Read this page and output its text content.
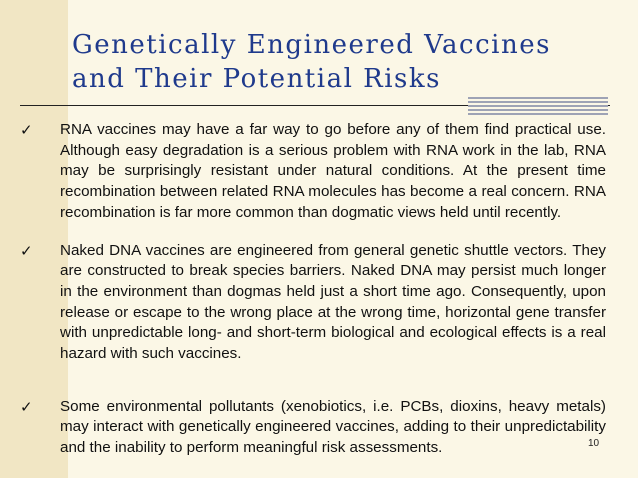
Genetically Engineered Vaccines
and Their Potential Risks
✓ RNA vaccines may have a far way to go before any of them find practical use. Although easy degradation is a serious problem with RNA work in the lab, RNA may be surprisingly resistant under natural conditions. At the present time recombination between related RNA molecules has become a real concern. RNA recombination is far more common than dogmatic views held until recently.
✓ Naked DNA vaccines are engineered from general genetic shuttle vectors. They are constructed to break species barriers. Naked DNA may persist much longer in the environment than dogmas held just a short time ago. Consequently, upon release or escape to the wrong place at the wrong time, horizontal gene transfer with unpredictable long- and short-term biological and ecological effects is a real hazard with such vaccines.
✓ Some environmental pollutants (xenobiotics, i.e. PCBs, dioxins, heavy metals) may interact with genetically engineered vaccines, adding to their unpredictability and the inability to perform meaningful risk assessments.	10
